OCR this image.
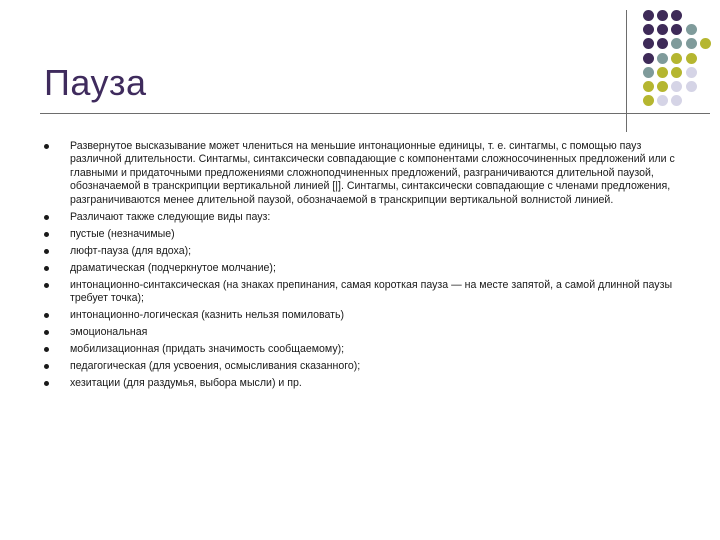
Пауза
Развернутое высказывание может члениться на меньшие интонационные единицы, т. е. синтагмы, с помощью пауз различной длительности. Синтагмы, синтаксически совпадающие с компонентами сложносочиненных предложений или с главными и придаточными предложениями сложноподчиненных предложений, разграничиваются длительной паузой, обозначаемой в транскрипции вертикальной линией [|]. Синтагмы, синтаксически совпадающие с членами предложения, разграничиваются менее длительной паузой, обозначаемой в транскрипции вертикальной волнистой линией.
Различают также следующие виды пауз:
пустые (незначимые)
люфт-пауза (для вдоха);
драматическая (подчеркнутое молчание);
интонационно-синтаксическая (на знаках препинания, самая короткая пауза — на месте запятой, а самой длинной паузы требует точка);
интонационно-логическая (казнить нельзя помиловать)
эмоциональная
мобилизационная (придать значимость сообщаемому);
педагогическая (для усвоения, осмысливания сказанного);
хезитации (для раздумья, выбора мысли) и пр.
